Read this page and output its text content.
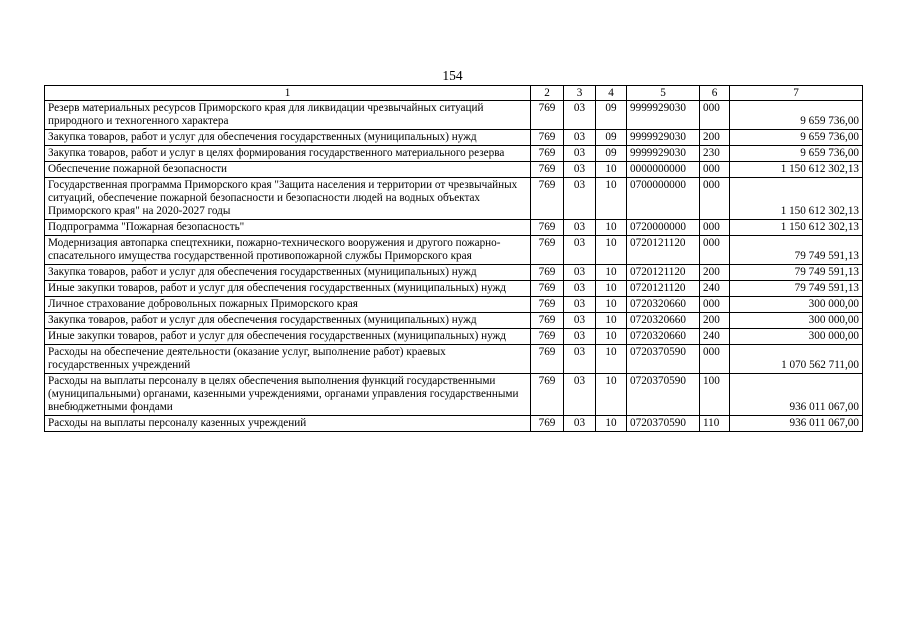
154
1	2	3	4	5	6	7
Резерв материальных ресурсов Приморского края для ликвидации чрезвычайных ситуаций природного и техногенного характера	769	03	09	9999929030	000	9 659 736,00
Закупка товаров, работ и услуг для обеспечения государственных (муниципальных) нужд	769	03	09	9999929030	200	9 659 736,00
Закупка товаров, работ и услуг в целях формирования государственного материального резерва	769	03	09	9999929030	230	9 659 736,00
Обеспечение пожарной безопасности	769	03	10	0000000000	000	1 150 612 302,13
Государственная программа Приморского края "Защита населения и территории от чрезвычайных ситуаций, обеспечение пожарной безопасности и безопасности людей на водных объектах Приморского края" на 2020-2027 годы	769	03	10	0700000000	000	1 150 612 302,13
Подпрограмма "Пожарная безопасность"	769	03	10	0720000000	000	1 150 612 302,13
Модернизация автопарка спецтехники, пожарно-технического вооружения и другого пожарно-спасательного имущества государственной противопожарной службы Приморского края	769	03	10	0720121120	000	79 749 591,13
Закупка товаров, работ и услуг для обеспечения государственных (муниципальных) нужд	769	03	10	0720121120	200	79 749 591,13
Иные закупки товаров, работ и услуг для обеспечения государственных (муниципальных) нужд	769	03	10	0720121120	240	79 749 591,13
Личное страхование добровольных пожарных Приморского края	769	03	10	0720320660	000	300 000,00
Закупка товаров, работ и услуг для обеспечения государственных (муниципальных) нужд	769	03	10	0720320660	200	300 000,00
Иные закупки товаров, работ и услуг для обеспечения государственных (муниципальных) нужд	769	03	10	0720320660	240	300 000,00
Расходы на обеспечение деятельности (оказание услуг, выполнение работ) краевых государственных учреждений	769	03	10	0720370590	000	1 070 562 711,00
Расходы на выплаты персоналу в целях обеспечения выполнения функций государственными (муниципальными) органами, казенными учреждениями, органами управления государственными внебюджетными фондами	769	03	10	0720370590	100	936 011 067,00
Расходы на выплаты персоналу казенных учреждений	769	03	10	0720370590	110	936 011 067,00
